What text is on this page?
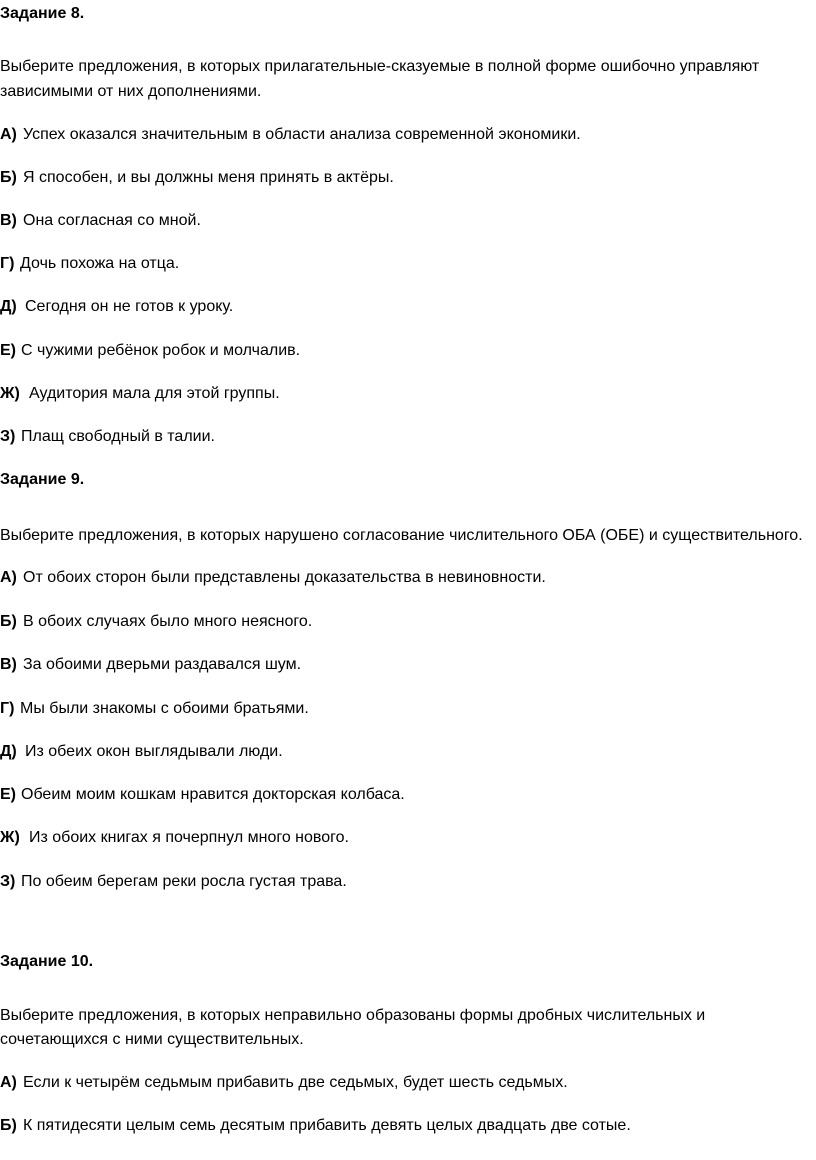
Задание 8.
Выберите предложения, в которых прилагательные-сказуемые в полной форме ошибочно управляют
зависимыми от них дополнениями.
А) Успех оказался значительным в области анализа современной экономики.
Б) Я способен, и вы должны меня принять в актёры.
В) Она согласная со мной.
Г) Дочь похожа на отца.
Д) Сегодня он не готов к уроку.
Е) С чужими ребёнок робок и молчалив.
Ж) Аудитория мала для этой группы.
З) Плащ свободный в талии.
Задание 9.
Выберите предложения, в которых нарушено согласование числительного ОБА (ОБЕ) и существительного.
А) От обоих сторон были представлены доказательства в невиновности.
Б) В обоих случаях было много неясного.
В) За обоими дверьми раздавался шум.
Г) Мы были знакомы с обоими братьями.
Д) Из обеих окон выглядывали люди.
Е) Обеим моим кошкам нравится докторская колбаса.
Ж) Из обоих книгах я почерпнул много нового.
З) По обеим берегам реки росла густая трава.
Задание 10.
Выберите предложения, в которых неправильно образованы формы дробных числительных и
сочетающихся с ними существительных.
А) Если к четырём седьмым прибавить две седьмых, будет шесть седьмых.
Б) К пятидесяти целым семь десятым прибавить девять целых двадцать две сотые.
